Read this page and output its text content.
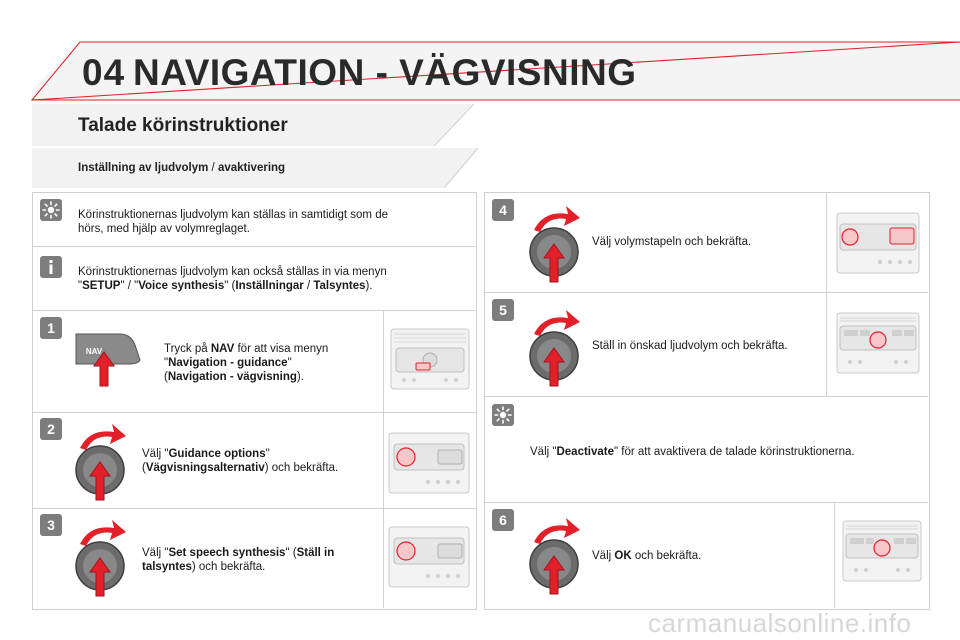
04 NAVIGATION - VÄGVISNING
Talade körinstruktioner
Inställning av ljudvolym / avaktivering
Körinstruktionernas ljudvolym kan ställas in samtidigt som de
hörs, med hjälp av volymreglaget.
Körinstruktionernas ljudvolym kan också ställas in via menyn
"SETUP" / "Voice synthesis" (Inställningar / Talsyntes).
1
NAV	Tryck på NAV för att visa menyn
"Navigation - guidance"
(Navigation - vägvisning).
2
Välj "Guidance options"
(Vägvisningsalternativ) och bekräfta.
3
Välj "Set speech synthesis" (Ställ in
talsyntes) och bekräfta.
4
Välj volymstapeln och bekräfta.
5
Ställ in önskad ljudvolym och bekräfta.
Välj "Deactivate" för att avaktivera de talade körinstruktionerna.
6
Välj OK och bekräfta.
carmanualsonline.info
